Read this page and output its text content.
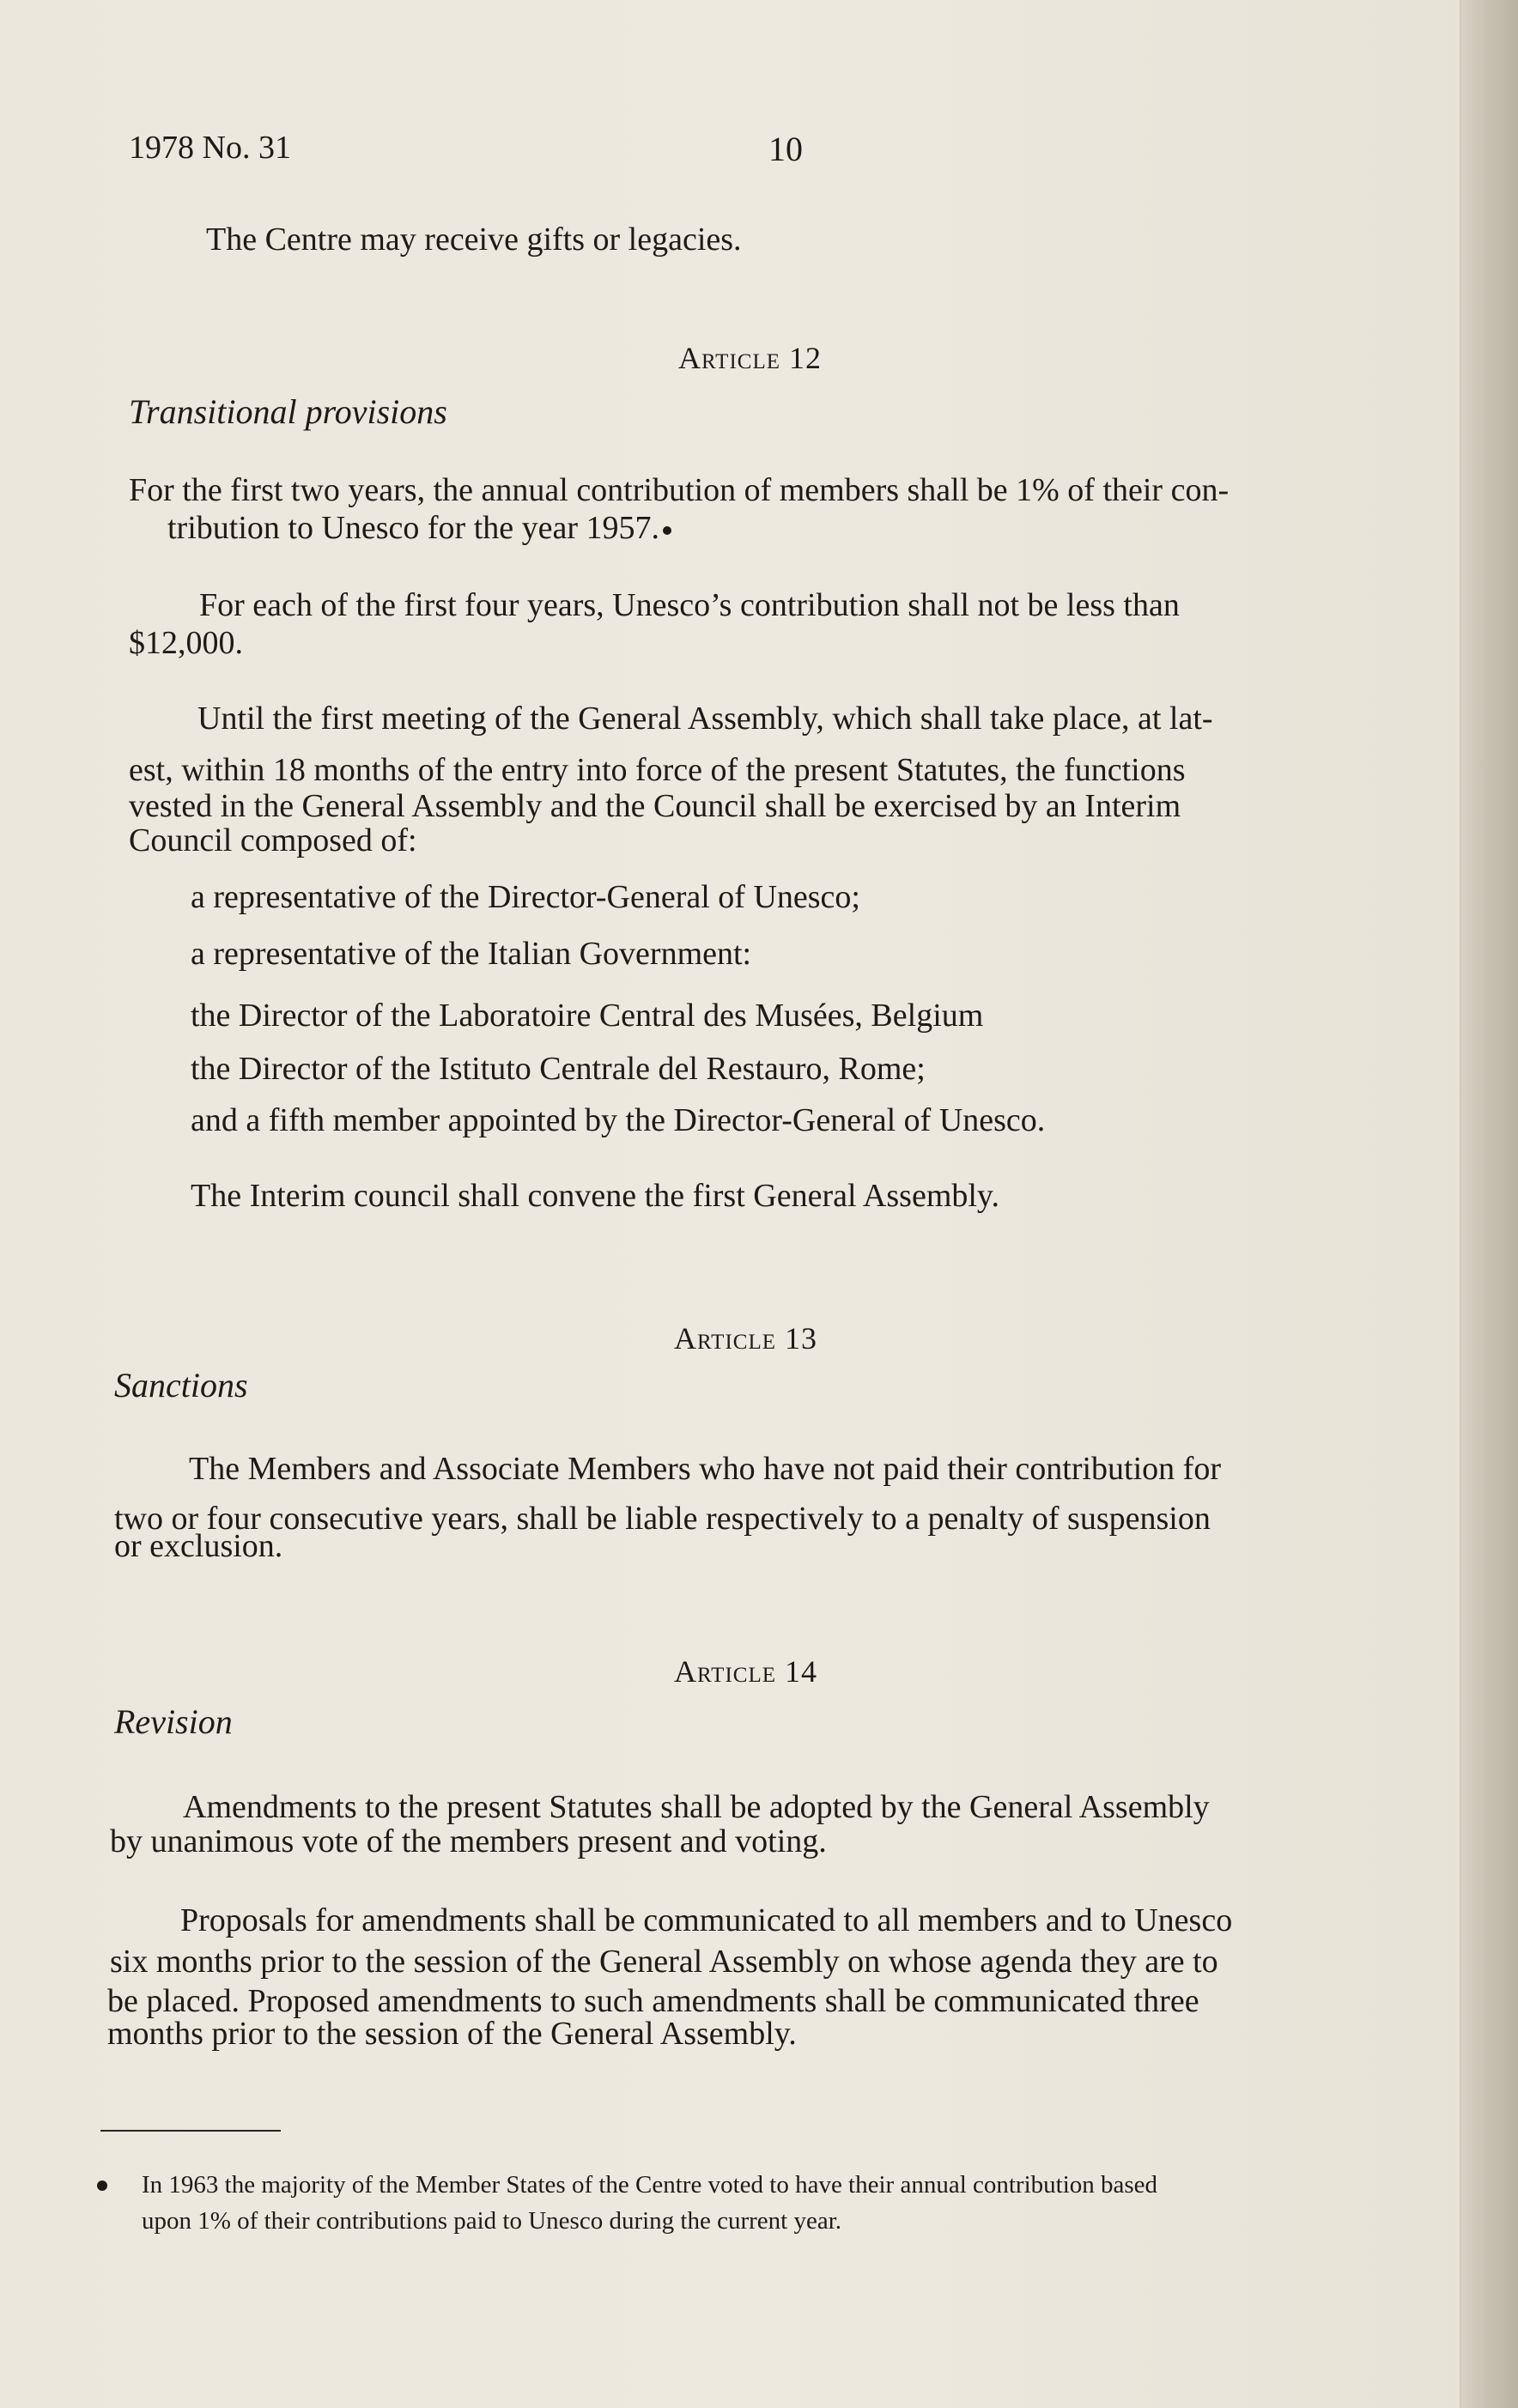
1978 No. 31	10

The Centre may receive gifts or legacies.

Article 12

Transitional provisions

For the first two years, the annual contribution of members shall be 1% of their con-

tribution to Unesco for the year 1957.

For each of the first four years, Unesco’s contribution shall not be less than

$12,000.

Until the first meeting of the General Assembly, which shall take place, at lat-

est, within 18 months of the entry into force of the present Statutes, the functions

vested in the General Assembly and the Council shall be exercised by an Interim

Council composed of:

a representative of the Director-General of Unesco;

a representative of the Italian Government:

the Director of the Laboratoire Central des Musées, Belgium

the Director of the Istituto Centrale del Restauro, Rome;

and a fifth member appointed by the Director-General of Unesco.

The Interim council shall convene the first General Assembly.

Article 13

Sanctions

The Members and Associate Members who have not paid their contribution for

two or four consecutive years, shall be liable respectively to a penalty of suspension

or exclusion.

Article 14

Revision

Amendments to the present Statutes shall be adopted by the General Assembly

by unanimous vote of the members present and voting.

Proposals for amendments shall be communicated to all members and to Unesco

six months prior to the session of the General Assembly on whose agenda they are to

be placed. Proposed amendments to such amendments shall be communicated three

months prior to the session of the General Assembly.

In 1963 the majority of the Member States of the Centre voted to have their annual contribution based

upon 1% of their contributions paid to Unesco during the current year.
